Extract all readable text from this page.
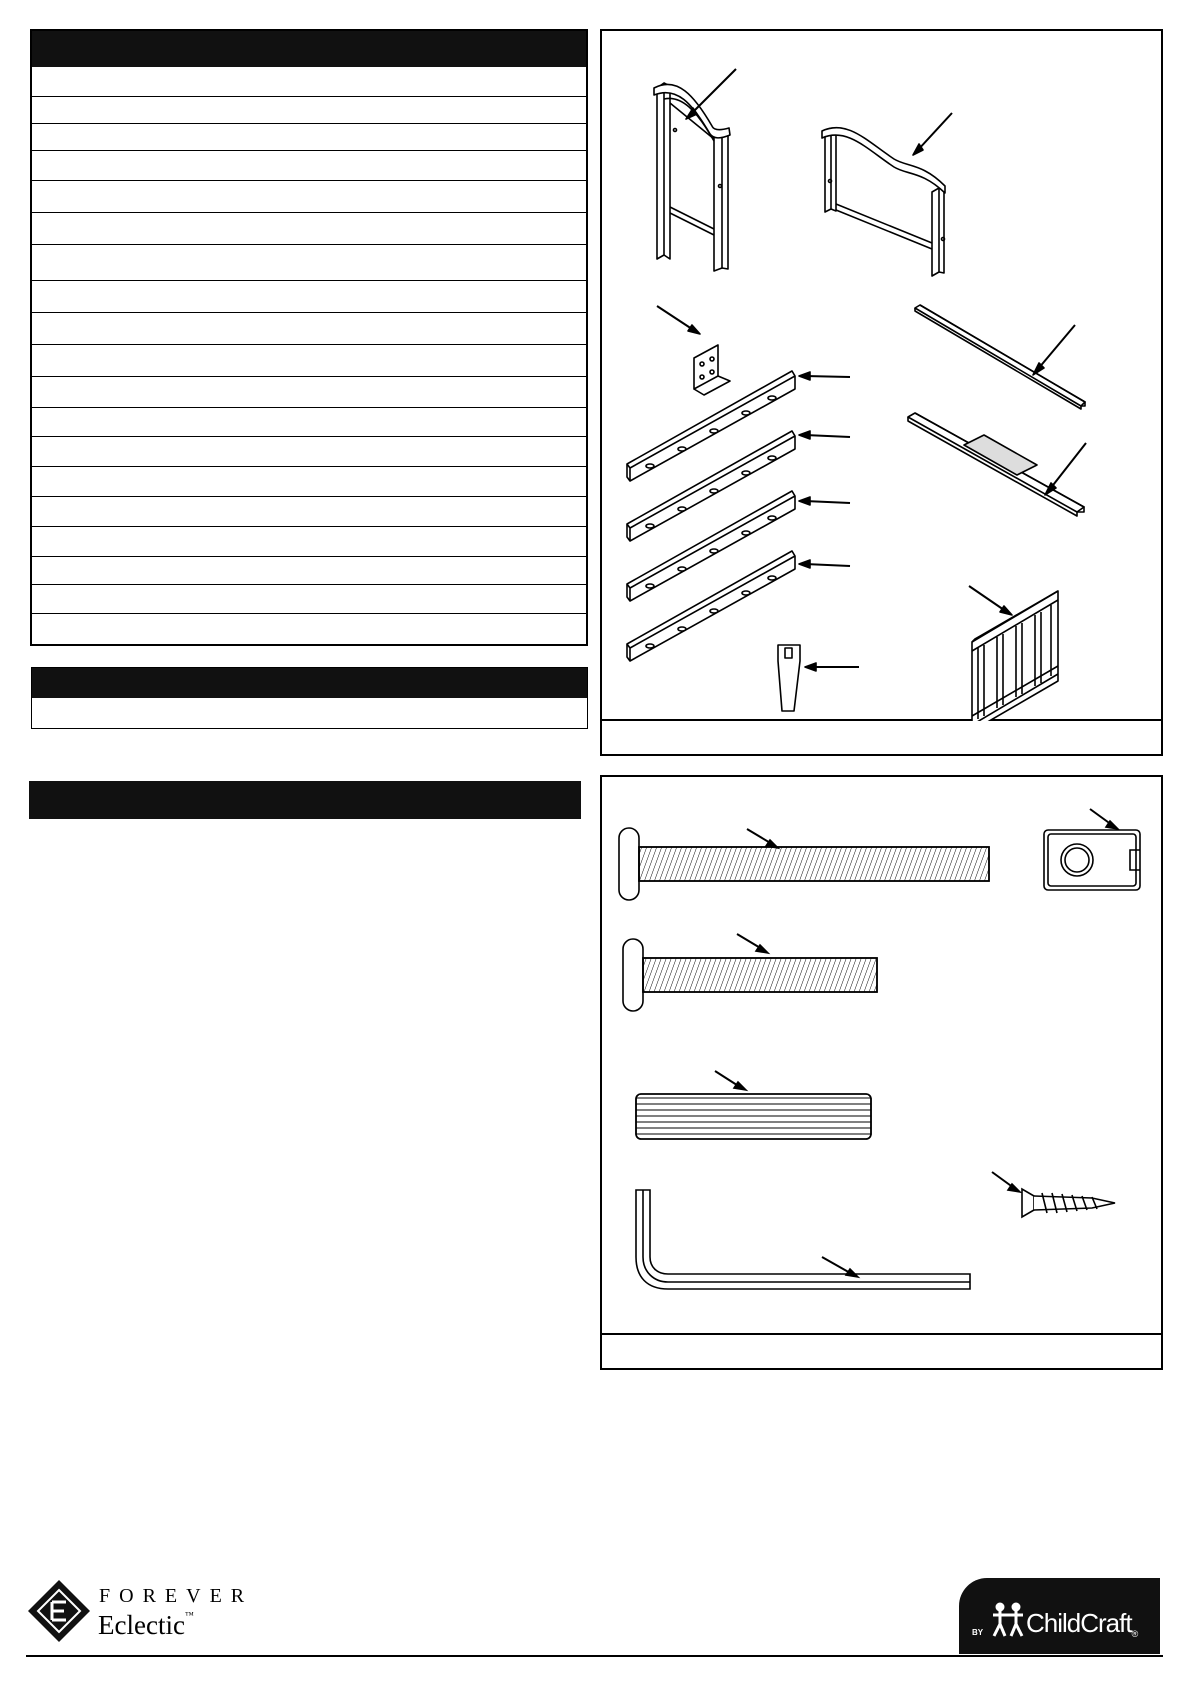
FOREVER
Eclectic™
BY ChildCraft®
